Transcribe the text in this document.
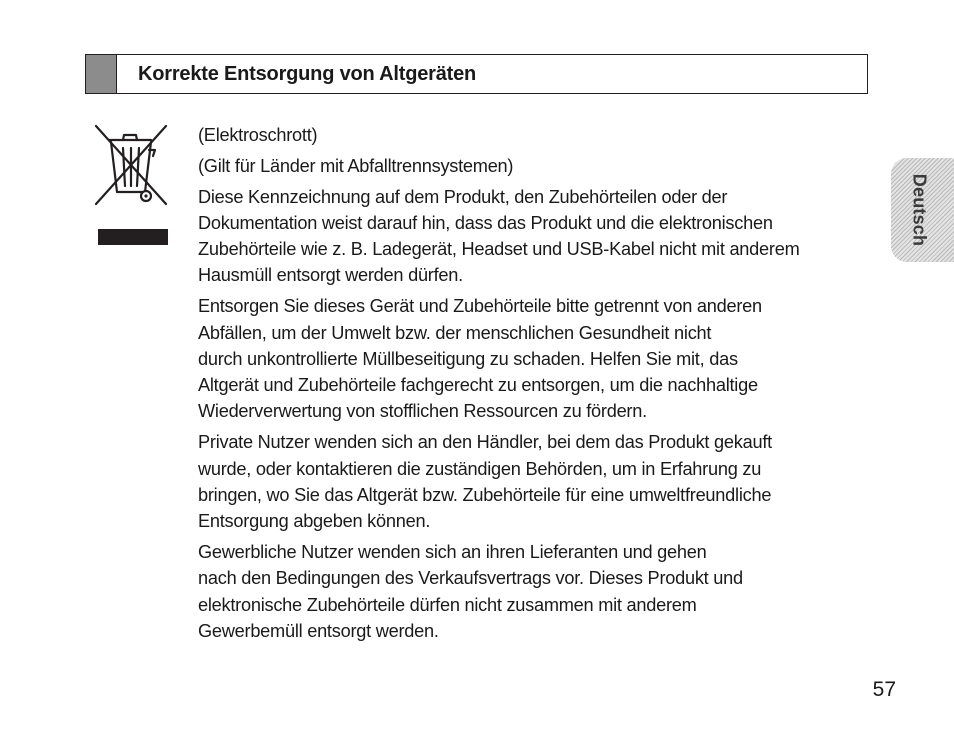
Korrekte Entsorgung von Altgeräten

(Elektroschrott)

(Gilt für Länder mit Abfalltrennsystemen)

Diese Kennzeichnung auf dem Produkt, den Zubehörteilen oder der
Dokumentation weist darauf hin, dass das Produkt und die elektronischen
Zubehörteile wie z. B. Ladegerät, Headset und USB-Kabel nicht mit anderem
Hausmüll entsorgt werden dürfen.

Entsorgen Sie dieses Gerät und Zubehörteile bitte getrennt von anderen
Abfällen, um der Umwelt bzw. der menschlichen Gesundheit nicht
durch unkontrollierte Müllbeseitigung zu schaden. Helfen Sie mit, das
Altgerät und Zubehörteile fachgerecht zu entsorgen, um die nachhaltige
Wiederverwertung von stofflichen Ressourcen zu fördern.

Private Nutzer wenden sich an den Händler, bei dem das Produkt gekauft
wurde, oder kontaktieren die zuständigen Behörden, um in Erfahrung zu
bringen, wo Sie das Altgerät bzw. Zubehörteile für eine umweltfreundliche
Entsorgung abgeben können.

Gewerbliche Nutzer wenden sich an ihren Lieferanten und gehen
nach den Bedingungen des Verkaufsvertrags vor. Dieses Produkt und
elektronische Zubehörteile dürfen nicht zusammen mit anderem
Gewerbemüll entsorgt werden.

Deutsch
57
